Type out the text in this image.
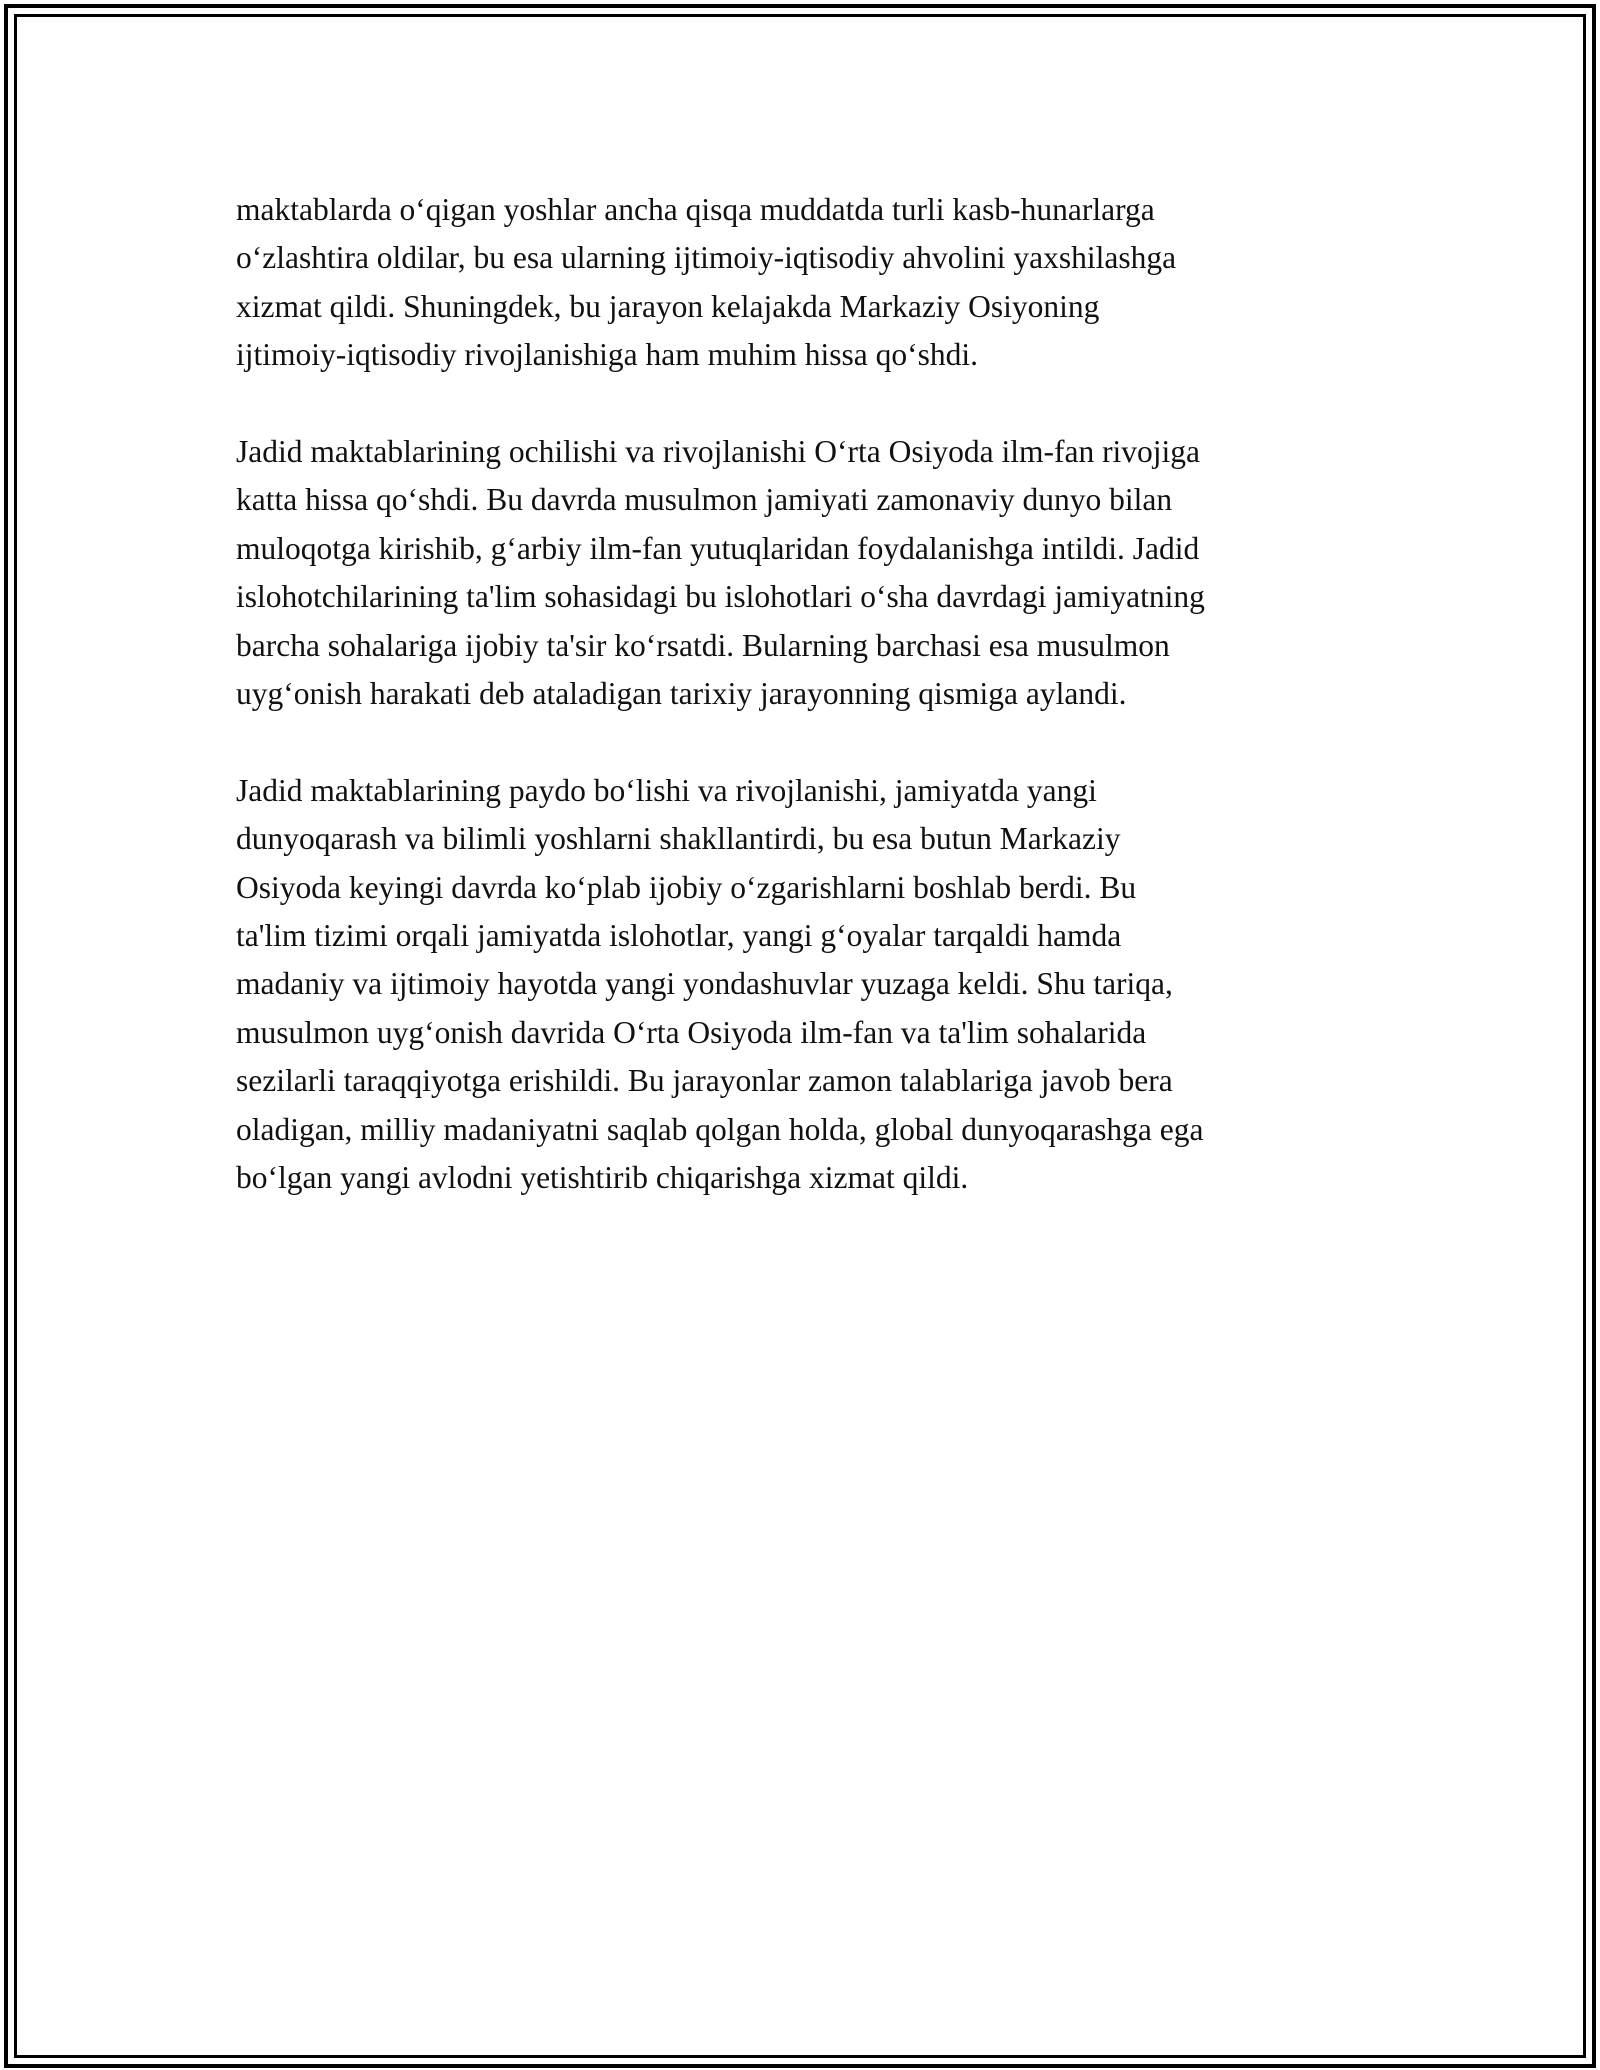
maktablarda o‘qigan yoshlar ancha qisqa muddatda turli kasb-hunarlarga
o‘zlashtira oldilar, bu esa ularning ijtimoiy-iqtisodiy ahvolini yaxshilashga
xizmat qildi. Shuningdek, bu jarayon kelajakda Markaziy Osiyoning
ijtimoiy-iqtisodiy rivojlanishiga ham muhim hissa qo‘shdi.

Jadid maktablarining ochilishi va rivojlanishi O‘rta Osiyoda ilm-fan rivojiga
katta hissa qo‘shdi. Bu davrda musulmon jamiyati zamonaviy dunyo bilan
muloqotga kirishib, g‘arbiy ilm-fan yutuqlaridan foydalanishga intildi. Jadid
islohotchilarining ta'lim sohasidagi bu islohotlari o‘sha davrdagi jamiyatning
barcha sohalariga ijobiy ta'sir ko‘rsatdi. Bularning barchasi esa musulmon
uyg‘onish harakati deb ataladigan tarixiy jarayonning qismiga aylandi.

Jadid maktablarining paydo bo‘lishi va rivojlanishi, jamiyatda yangi
dunyoqarash va bilimli yoshlarni shakllantirdi, bu esa butun Markaziy
Osiyoda keyingi davrda ko‘plab ijobiy o‘zgarishlarni boshlab berdi. Bu
ta'lim tizimi orqali jamiyatda islohotlar, yangi g‘oyalar tarqaldi hamda
madaniy va ijtimoiy hayotda yangi yondashuvlar yuzaga keldi. Shu tariqa,
musulmon uyg‘onish davrida O‘rta Osiyoda ilm-fan va ta'lim sohalarida
sezilarli taraqqiyotga erishildi. Bu jarayonlar zamon talablariga javob bera
oladigan, milliy madaniyatni saqlab qolgan holda, global dunyoqarashga ega
bo‘lgan yangi avlodni yetishtirib chiqarishga xizmat qildi.
